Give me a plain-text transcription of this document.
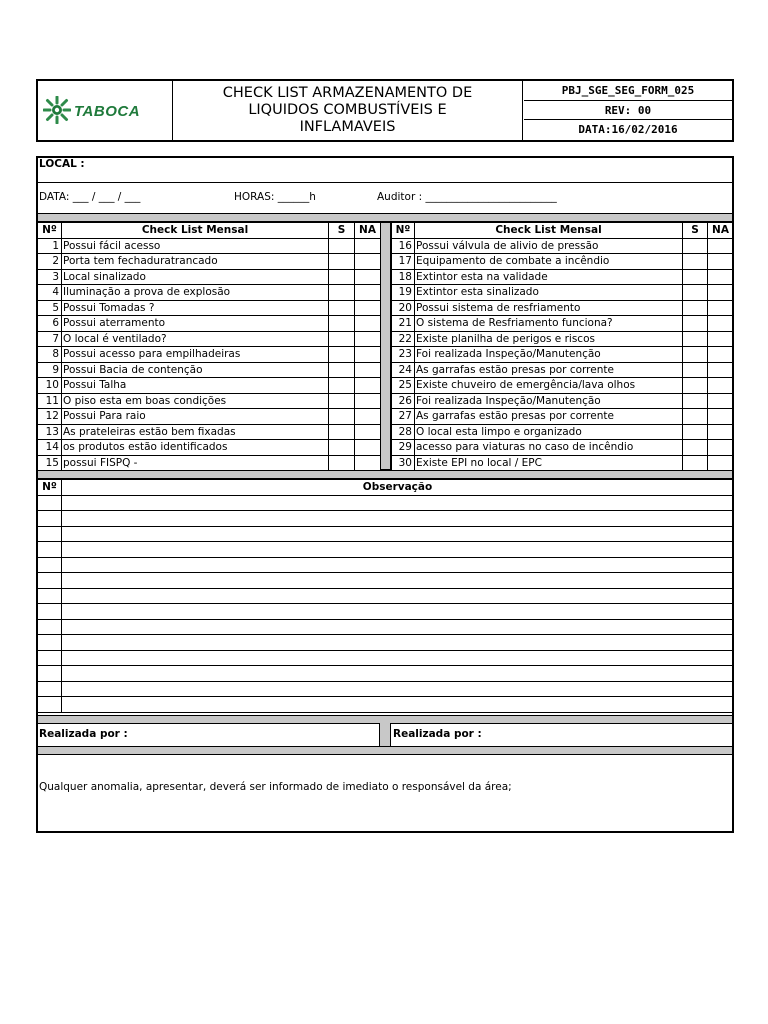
TABOCA
CHECK LIST ARMAZENAMENTO DE
LIQUIDOS COMBUSTÍVEIS E
INFLAMAVEIS
PBJ_SGE_SEG_FORM_025
REV: 00
DATA:16/02/2016
LOCAL :
DATA: ___ / ___ / ___	HORAS: ______h	Auditor : _________________________
Nº	Check List Mensal	S	NA
1	Possui fácil acesso		
2	Porta tem fechaduratrancado		
3	Local sinalizado		
4	Iluminação a prova de explosão		
5	Possui Tomadas ?		
6	Possui aterramento		
7	O local é ventilado?		
8	Possui acesso para empilhadeiras		
9	Possui Bacia de contenção		
10	Possui Talha		
11	O piso esta em boas condições		
12	Possui Para raio		
13	As prateleiras estão bem fixadas		
14	os produtos estão identificados		
15	possui FISPQ -		
Nº	Check List Mensal	S	NA
16	Possui válvula de alivio de pressão		
17	Equipamento de combate a incêndio		
18	Extintor esta na validade		
19	Extintor esta sinalizado		
20	Possui sistema de resfriamento		
21	O sistema de Resfriamento funciona?		
22	Existe planilha de perigos e riscos		
23	Foi realizada Inspeção/Manutenção		
24	As garrafas estão presas por corrente		
25	Existe chuveiro de emergência/lava olhos		
26	Foi realizada Inspeção/Manutenção		
27	As garrafas estão presas por corrente		
28	O local esta limpo e organizado		
29	acesso para viaturas no caso de incêndio		
30	Existe EPI no local / EPC		
Nº	Observação

Realizada por :	Realizada por :
Qualquer anomalia, apresentar, deverá ser informado de imediato o responsável da área;
